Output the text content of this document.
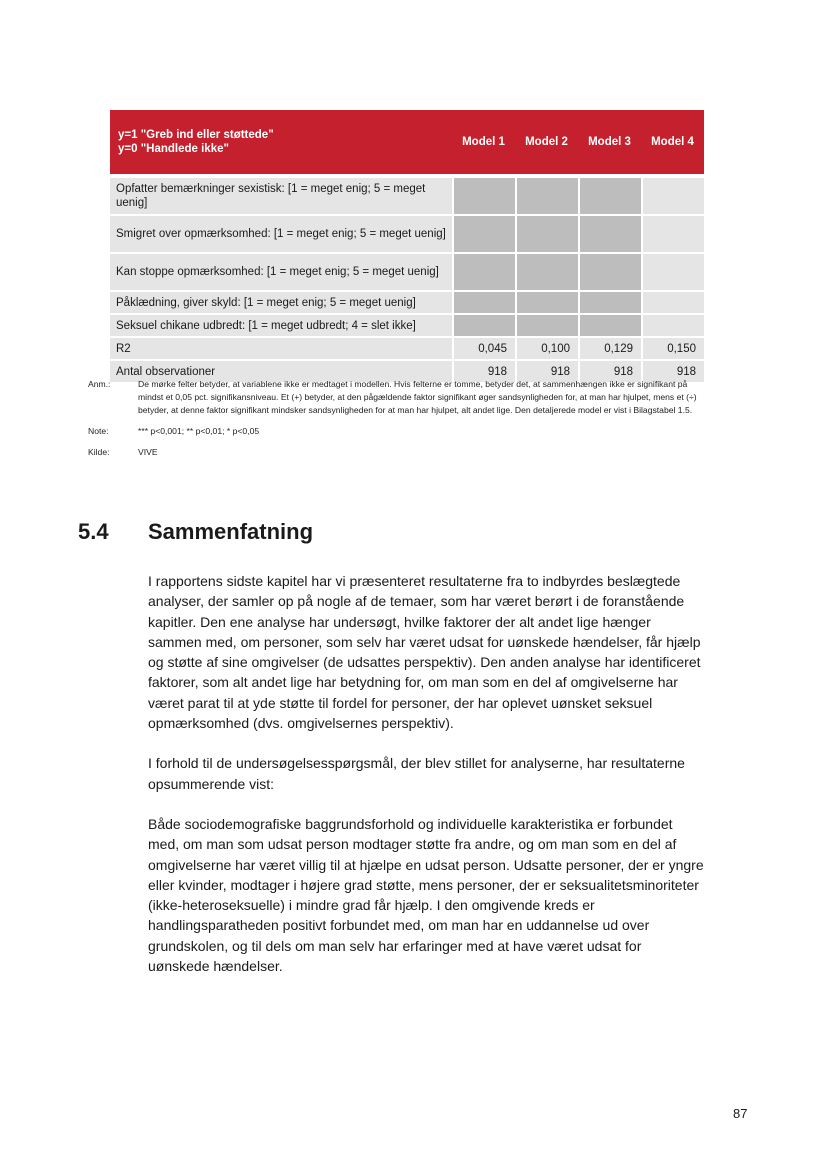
y=1 "Greb ind eller støttede"
y=0 "Handlede ikke"	Model 1	Model 2	Model 3	Model 4

Opfatter bemærkninger sexistisk: [1 = meget enig; 5 = meget uenig]				
Smigret over opmærksomhed: [1 = meget enig; 5 = meget uenig]				
Kan stoppe opmærksomhed: [1 = meget enig; 5 = meget uenig]				
Påklædning, giver skyld: [1 = meget enig; 5 = meget uenig]				
Seksuel chikane udbredt: [1 = meget udbredt; 4 = slet ikke]				
R2	0,045	0,100	0,129	0,150
Antal observationer	918	918	918	918
Anm.:	De mørke felter betyder, at variablene ikke er medtaget i modellen. Hvis felterne er tomme, betyder det, at sammenhængen ikke er signifikant på mindst et 0,05 pct. signifikansniveau. Et (+) betyder, at den pågældende faktor signifikant øger sandsynligheden for, at man har hjulpet, mens et (÷) betyder, at denne faktor signifikant mindsker sandsynligheden for at man har hjulpet, alt andet lige. Den detaljerede model er vist i Bilagstabel 1.5.
Note:	*** p<0,001; ** p<0,01; * p<0,05
Kilde:	VIVE
5.4 Sammenfatning

I rapportens sidste kapitel har vi præsenteret resultaterne fra to indbyrdes beslægtede analyser, der samler op på nogle af de temaer, som har været berørt i de foranstående kapitler. Den ene analyse har undersøgt, hvilke faktorer der alt andet lige hænger sammen med, om personer, som selv har været udsat for uønskede hændelser, får hjælp og støtte af sine omgivelser (de udsattes perspektiv). Den anden analyse har identificeret faktorer, som alt andet lige har betydning for, om man som en del af omgivelserne har været parat til at yde støtte til fordel for personer, der har oplevet uønsket seksuel opmærksomhed (dvs. omgivelsernes perspektiv).

I forhold til de undersøgelsesspørgsmål, der blev stillet for analyserne, har resultaterne opsummerende vist:

Både sociodemografiske baggrundsforhold og individuelle karakteristika er forbundet med, om man som udsat person modtager støtte fra andre, og om man som en del af omgivelserne har været villig til at hjælpe en udsat person. Udsatte personer, der er yngre eller kvinder, modtager i højere grad støtte, mens personer, der er seksualitetsminoriteter (ikke-heteroseksuelle) i mindre grad får hjælp. I den omgivende kreds er handlingsparatheden positivt forbundet med, om man har en uddannelse ud over grundskolen, og til dels om man selv har erfaringer med at have været udsat for uønskede hændelser.

87
